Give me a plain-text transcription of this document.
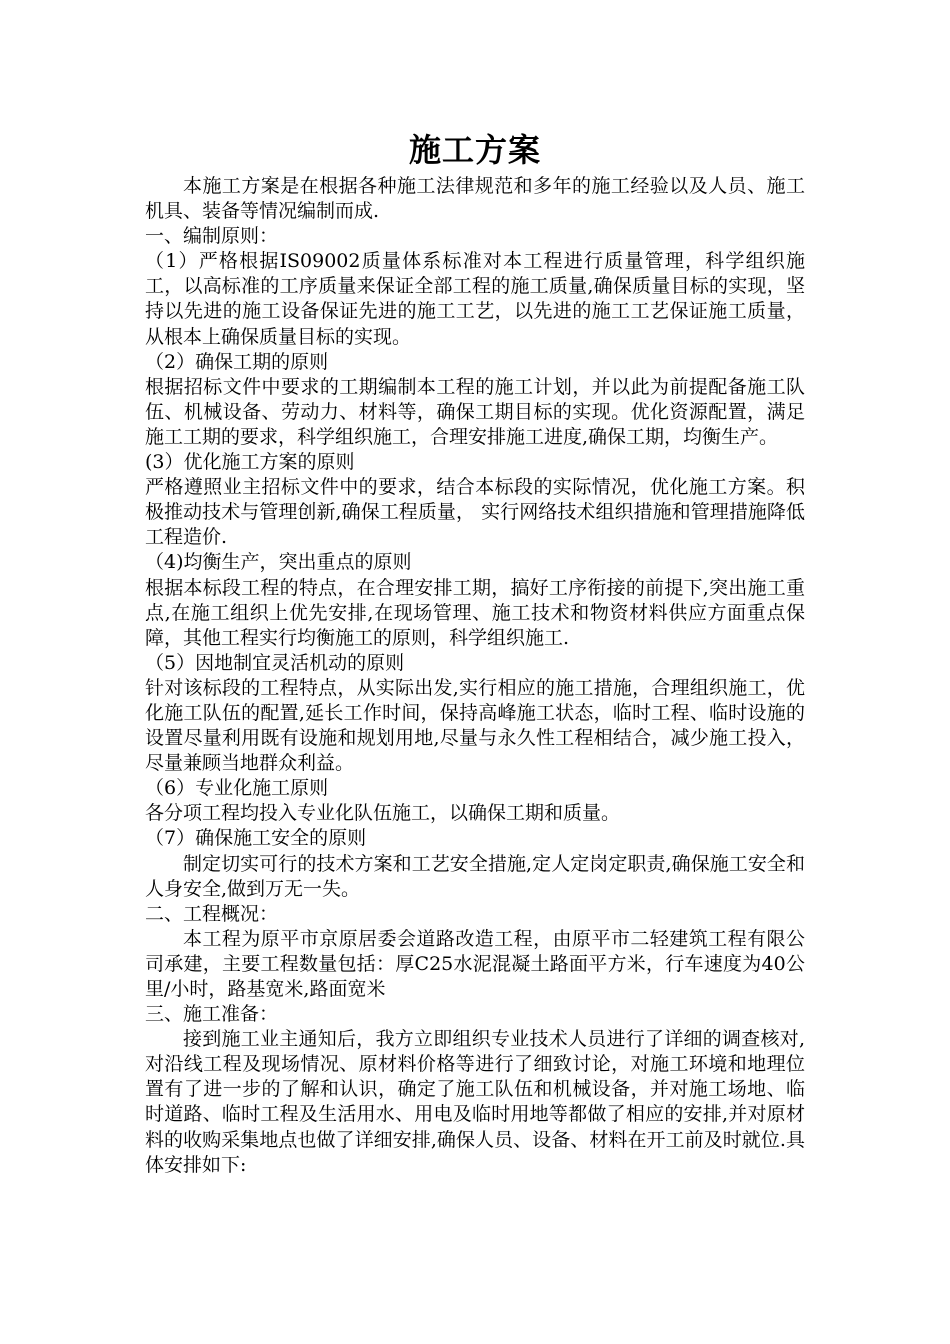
施工方案

本施工方案是在根据各种施工法律规范和多年的施工经验以及人员、施工机具、装备等情况编制而成.

一、编制原则：

（1）严格根据IS09002质量体系标准对本工程进行质量管理，科学组织施工，以高标准的工序质量来保证全部工程的施工质量,确保质量目标的实现，坚持以先进的施工设备保证先进的施工工艺，以先进的施工工艺保证施工质量，从根本上确保质量目标的实现。

（2）确保工期的原则

根据招标文件中要求的工期编制本工程的施工计划，并以此为前提配备施工队伍、机械设备、劳动力、材料等，确保工期目标的实现。优化资源配置，满足施工工期的要求，科学组织施工，合理安排施工进度,确保工期，均衡生产。

(3）优化施工方案的原则

严格遵照业主招标文件中的要求，结合本标段的实际情况，优化施工方案。积极推动技术与管理创新,确保工程质量， 实行网络技术组织措施和管理措施降低工程造价.

（4)均衡生产，突出重点的原则

根据本标段工程的特点，在合理安排工期，搞好工序衔接的前提下,突出施工重点,在施工组织上优先安排,在现场管理、施工技术和物资材料供应方面重点保障，其他工程实行均衡施工的原则，科学组织施工.

（5）因地制宜灵活机动的原则

针对该标段的工程特点，从实际出发,实行相应的施工措施，合理组织施工，优化施工队伍的配置,延长工作时间，保持高峰施工状态，临时工程、临时设施的设置尽量利用既有设施和规划用地,尽量与永久性工程相结合，减少施工投入，尽量兼顾当地群众利益。

（6）专业化施工原则

各分项工程均投入专业化队伍施工，以确保工期和质量。

（7）确保施工安全的原则

制定切实可行的技术方案和工艺安全措施,定人定岗定职责,确保施工安全和人身安全,做到万无一失。

二、工程概况：

本工程为原平市京原居委会道路改造工程，由原平市二轻建筑工程有限公司承建，主要工程数量包括：厚C25水泥混凝土路面平方米，行车速度为40公里/小时，路基宽米,路面宽米

三、施工准备：

接到施工业主通知后，我方立即组织专业技术人员进行了详细的调查核对,对沿线工程及现场情况、原材料价格等进行了细致讨论，对施工环境和地理位置有了进一步的了解和认识，确定了施工队伍和机械设备，并对施工场地、临时道路、临时工程及生活用水、用电及临时用地等都做了相应的安排,并对原材料的收购采集地点也做了详细安排,确保人员、设备、材料在开工前及时就位.具体安排如下:
